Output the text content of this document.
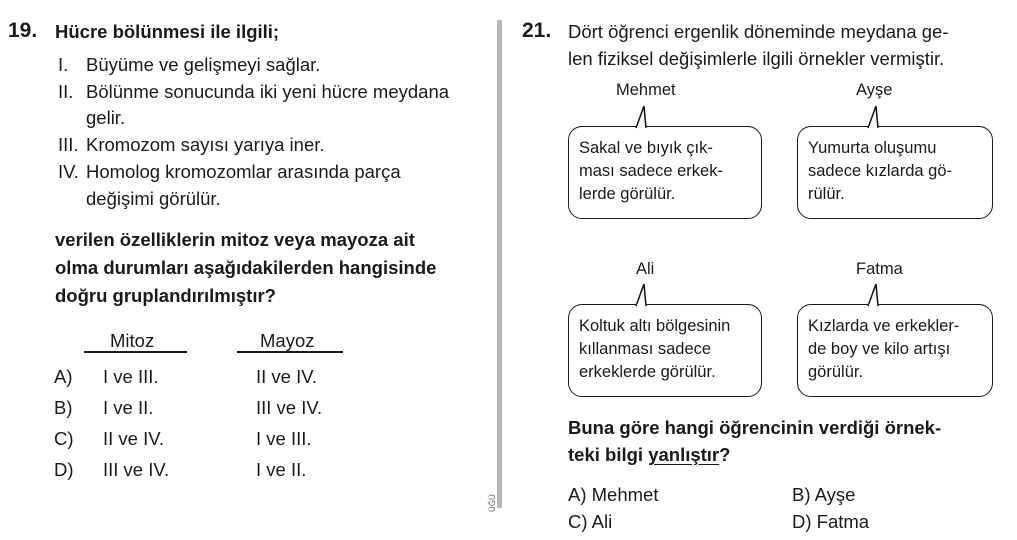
19. Hücre bölünmesi ile ilgili;
I. Büyüme ve gelişmeyi sağlar.
II. Bölünme sonucunda iki yeni hücre meydana
gelir.
III. Kromozom sayısı yarıya iner.
IV. Homolog kromozomlar arasında parça
değişimi görülür.
verilen özelliklerin mitoz veya mayoza ait
olma durumları aşağıdakilerden hangisinde
doğru gruplandırılmıştır?
Mitoz	Mayoz
A) I ve III.	II ve IV.
B) I ve II.	III ve IV.
C) II ve IV.	I ve III.
D) III ve IV.	I ve II.
ÜĞÜ
21. Dört öğrenci ergenlik döneminde meydana ge-
len fiziksel değişimlerle ilgili örnekler vermiştir.
Mehmet
Sakal ve bıyık çık-
ması sadece erkek-
lerde görülür.
Ayşe
Yumurta oluşumu
sadece kızlarda gö-
rülür.
Ali
Koltuk altı bölgesinin
kıllanması sadece
erkeklerde görülür.
Fatma
Kızlarda ve erkekler-
de boy ve kilo artışı
görülür.
Buna göre hangi öğrencinin verdiği örnek-
teki bilgi yanlıştır?
A) Mehmet	B) Ayşe
C) Ali	D) Fatma
